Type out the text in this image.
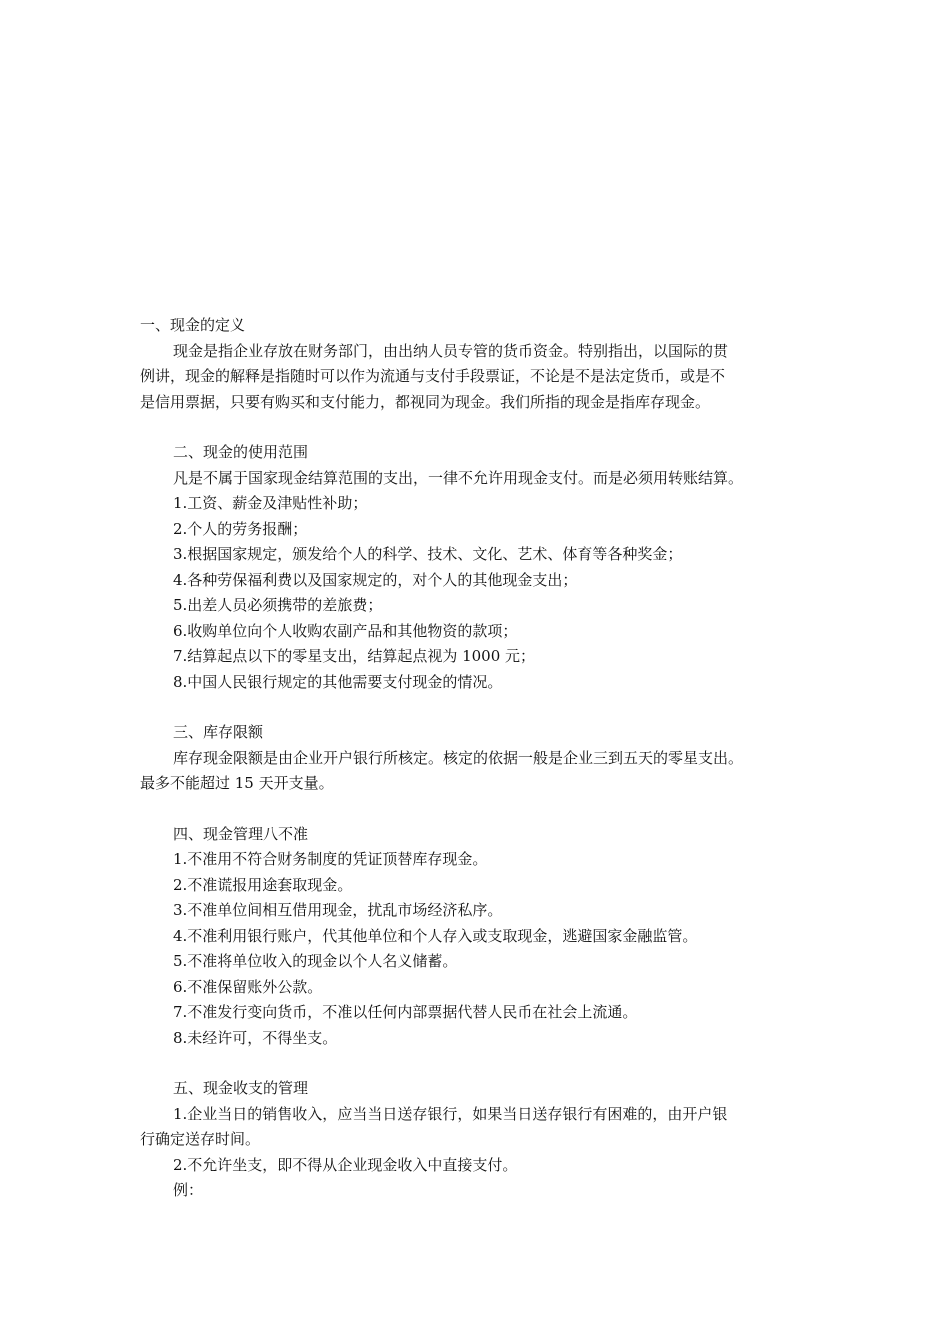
一、现金的定义
现金是指企业存放在财务部门，由出纳人员专管的货币资金。特别指出，以国际的贯
例讲，现金的解释是指随时可以作为流通与支付手段票证，不论是不是法定货币，或是不
是信用票据，只要有购买和支付能力，都视同为现金。我们所指的现金是指库存现金。
二、现金的使用范围
凡是不属于国家现金结算范围的支出，一律不允许用现金支付。而是必须用转账结算。
1.工资、薪金及津贴性补助；
2.个人的劳务报酬；
3.根据国家规定，颁发给个人的科学、技术、文化、艺术、体育等各种奖金；
4.各种劳保福利费以及国家规定的，对个人的其他现金支出；
5.出差人员必须携带的差旅费；
6.收购单位向个人收购农副产品和其他物资的款项；
7.结算起点以下的零星支出，结算起点视为 1000 元；
8.中国人民银行规定的其他需要支付现金的情况。
三、库存限额
库存现金限额是由企业开户银行所核定。核定的依据一般是企业三到五天的零星支出。
最多不能超过 15 天开支量。
四、现金管理八不准
1.不准用不符合财务制度的凭证顶替库存现金。
2.不准谎报用途套取现金。
3.不准单位间相互借用现金，扰乱市场经济私序。
4.不准利用银行账户，代其他单位和个人存入或支取现金，逃避国家金融监管。
5.不准将单位收入的现金以个人名义储蓄。
6.不准保留账外公款。
7.不准发行变向货币，不准以任何内部票据代替人民币在社会上流通。
8.未经许可，不得坐支。
五、现金收支的管理
1.企业当日的销售收入，应当当日送存银行，如果当日送存银行有困难的，由开户银
行确定送存时间。
2.不允许坐支，即不得从企业现金收入中直接支付。
例：
